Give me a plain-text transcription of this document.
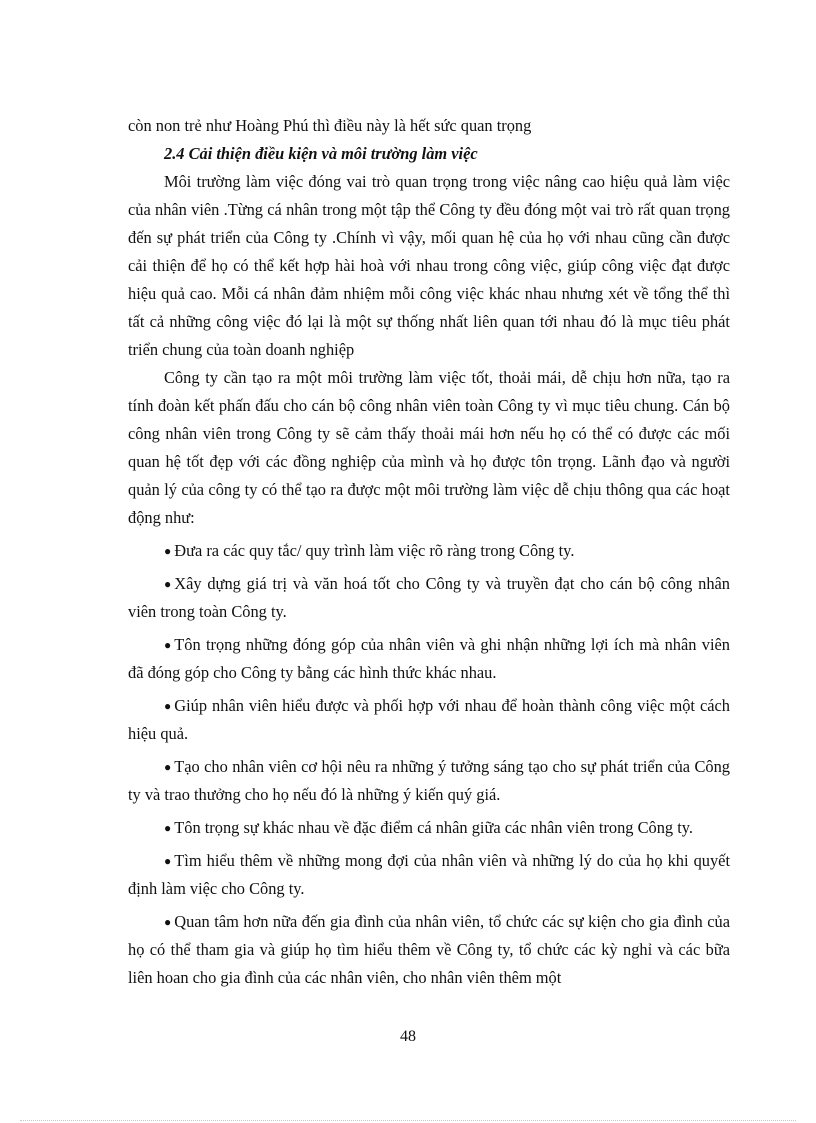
còn non trẻ như Hoàng Phú thì điều này là hết sức quan trọng

2.4 Cải thiện điều kiện và môi trường làm việc

Môi trường làm việc đóng vai trò quan trọng trong việc nâng cao hiệu quả làm việc của nhân viên .Từng cá nhân trong một tập thể Công ty đều đóng một vai trò rất quan trọng đến sự phát triển của Công ty .Chính vì vậy, mối quan hệ của họ với nhau cũng cần được cải thiện để họ có thể kết hợp hài hoà với nhau trong công việc, giúp công việc đạt được hiệu quả cao. Mỗi cá nhân đảm nhiệm mỗi công việc khác nhau nhưng xét về tổng thể thì tất cả những công việc đó lại là một sự thống nhất liên quan tới nhau đó là mục tiêu phát triển chung của toàn doanh nghiệp

Công ty cần tạo ra một môi trường làm việc tốt, thoải mái, dễ chịu hơn nữa, tạo ra tính đoàn kết phấn đấu cho cán bộ công nhân viên toàn Công ty vì mục tiêu chung. Cán bộ công nhân viên trong Công ty sẽ cảm thấy thoải mái hơn nếu họ có thể có được các mối quan hệ tốt đẹp với các đồng nghiệp của mình và họ được tôn trọng. Lãnh đạo và người quản lý của công ty có thể tạo ra được một môi trường làm việc dễ chịu thông qua các hoạt động như:

● Đưa ra các quy tắc/ quy trình làm việc rõ ràng trong Công ty.

● Xây dựng giá trị và văn hoá tốt cho Công ty và truyền đạt cho cán bộ công nhân viên trong toàn Công ty.

● Tôn trọng những đóng góp của nhân viên và ghi nhận những lợi ích mà nhân viên đã đóng góp cho Công ty bằng các hình thức khác nhau.

● Giúp nhân viên hiểu được và phối hợp với nhau để hoàn thành công việc một cách hiệu quả.

● Tạo cho nhân viên cơ hội nêu ra những ý tưởng sáng tạo cho sự phát triển của Công ty và trao thưởng cho họ nếu đó là những ý kiến quý giá.

● Tôn trọng sự khác nhau về đặc điểm cá nhân giữa các nhân viên trong Công ty.

● Tìm hiểu thêm về những mong đợi của nhân viên và những lý do của họ khi quyết định làm việc cho Công ty.

● Quan tâm hơn nữa đến gia đình của nhân viên, tổ chức các sự kiện cho gia đình của họ có thể tham gia và giúp họ tìm hiểu thêm về Công ty, tổ chức các kỳ nghỉ và các bữa liên hoan cho gia đình của các nhân viên, cho nhân viên thêm một

48
